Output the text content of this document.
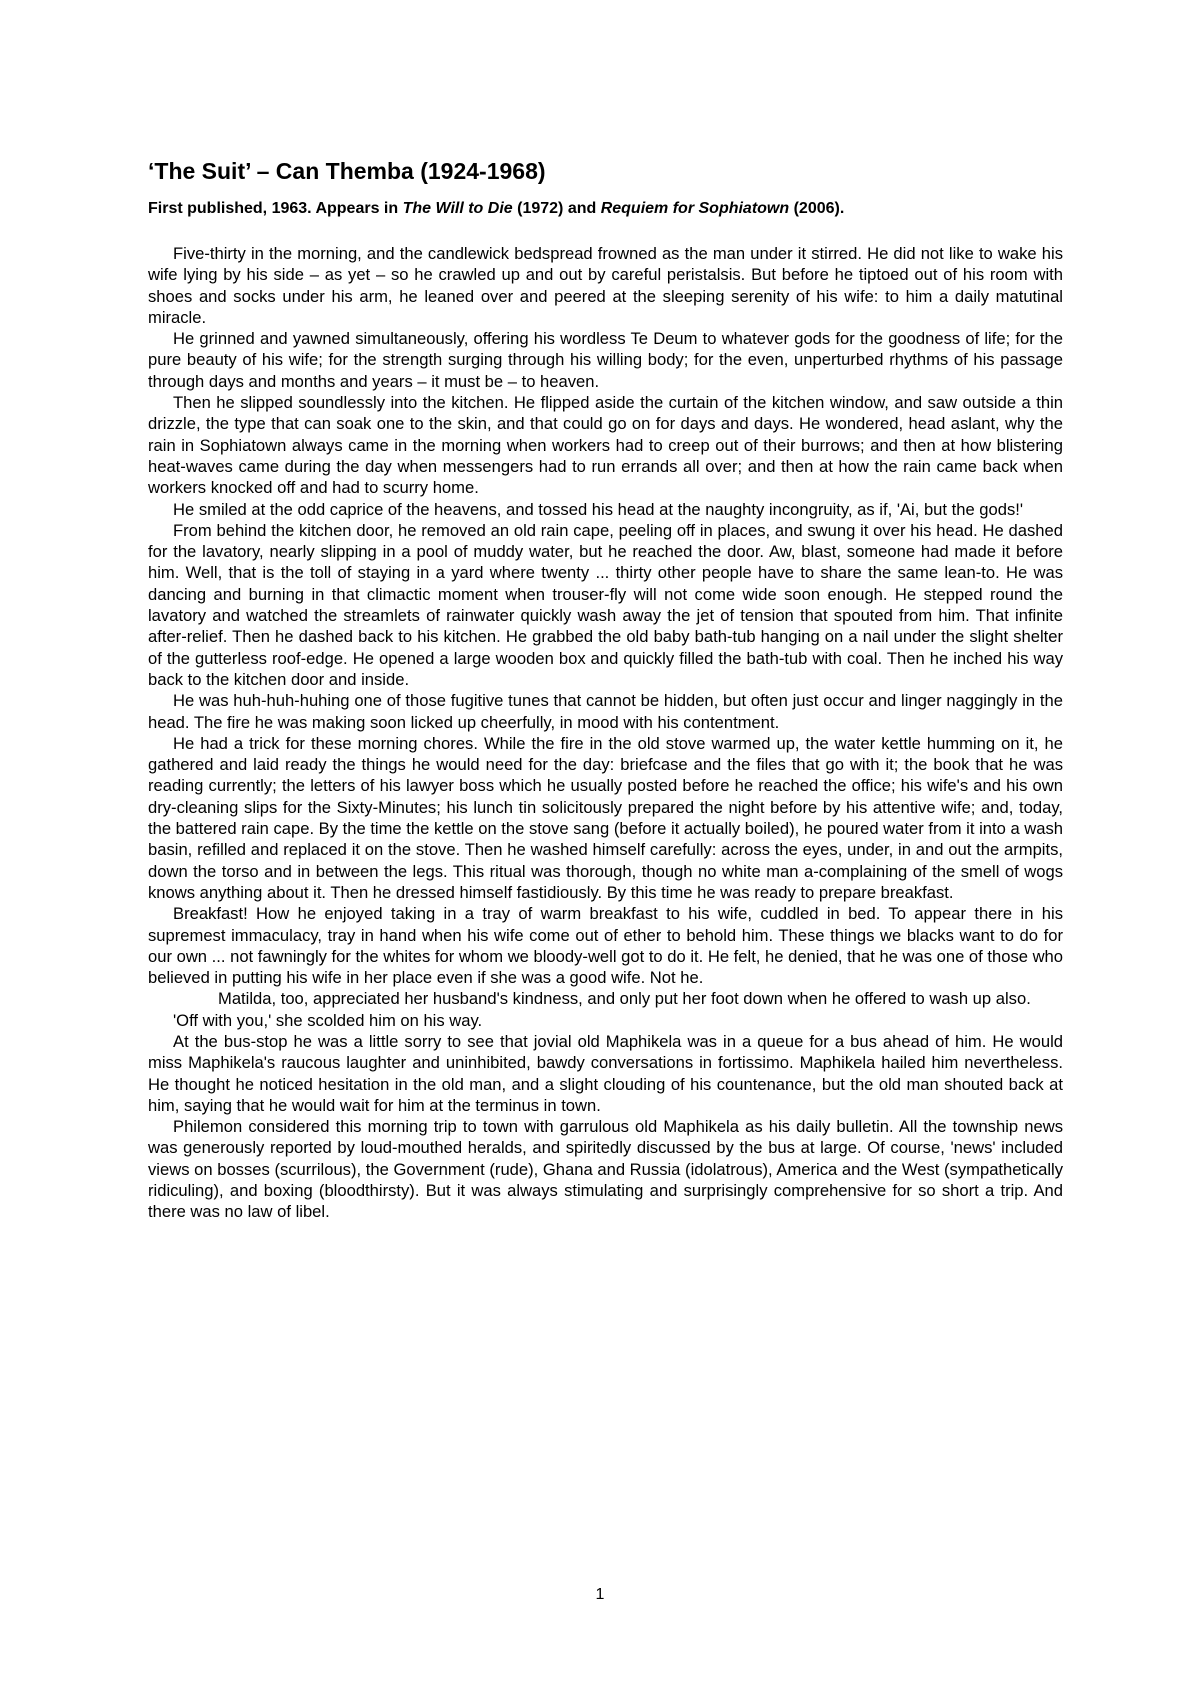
‘The Suit’ – Can Themba (1924-1968)
First published, 1963. Appears in The Will to Die (1972) and Requiem for Sophiatown (2006).

Five-thirty in the morning, and the candlewick bedspread frowned as the man under it stirred. He did not like to wake his wife lying by his side – as yet – so he crawled up and out by careful peristalsis. But before he tiptoed out of his room with shoes and socks under his arm, he leaned over and peered at the sleeping serenity of his wife: to him a daily matutinal miracle.

He grinned and yawned simultaneously, offering his wordless Te Deum to whatever gods for the goodness of life; for the pure beauty of his wife; for the strength surging through his willing body; for the even, unperturbed rhythms of his passage through days and months and years – it must be – to heaven.

Then he slipped soundlessly into the kitchen. He flipped aside the curtain of the kitchen window, and saw outside a thin drizzle, the type that can soak one to the skin, and that could go on for days and days. He wondered, head aslant, why the rain in Sophiatown always came in the morning when workers had to creep out of their burrows; and then at how blistering heat-waves came during the day when messengers had to run errands all over; and then at how the rain came back when workers knocked off and had to scurry home.

He smiled at the odd caprice of the heavens, and tossed his head at the naughty incongruity, as if, 'Ai, but the gods!'

From behind the kitchen door, he removed an old rain cape, peeling off in places, and swung it over his head. He dashed for the lavatory, nearly slipping in a pool of muddy water, but he reached the door. Aw, blast, someone had made it before him. Well, that is the toll of staying in a yard where twenty ... thirty other people have to share the same lean-to. He was dancing and burning in that climactic moment when trouser-fly will not come wide soon enough. He stepped round the lavatory and watched the streamlets of rainwater quickly wash away the jet of tension that spouted from him. That infinite after-relief. Then he dashed back to his kitchen. He grabbed the old baby bath-tub hanging on a nail under the slight shelter of the gutterless roof-edge. He opened a large wooden box and quickly filled the bath-tub with coal. Then he inched his way back to the kitchen door and inside.

He was huh-huh-huhing one of those fugitive tunes that cannot be hidden, but often just occur and linger naggingly in the head. The fire he was making soon licked up cheerfully, in mood with his contentment.

He had a trick for these morning chores. While the fire in the old stove warmed up, the water kettle humming on it, he gathered and laid ready the things he would need for the day: briefcase and the files that go with it; the book that he was reading currently; the letters of his lawyer boss which he usually posted before he reached the office; his wife's and his own dry-cleaning slips for the Sixty-Minutes; his lunch tin solicitously prepared the night before by his attentive wife; and, today, the battered rain cape. By the time the kettle on the stove sang (before it actually boiled), he poured water from it into a wash basin, refilled and replaced it on the stove. Then he washed himself carefully: across the eyes, under, in and out the armpits, down the torso and in between the legs. This ritual was thorough, though no white man a-complaining of the smell of wogs knows anything about it. Then he dressed himself fastidiously. By this time he was ready to prepare breakfast.

Breakfast! How he enjoyed taking in a tray of warm breakfast to his wife, cuddled in bed. To appear there in his supremest immaculacy, tray in hand when his wife come out of ether to behold him. These things we blacks want to do for our own ... not fawningly for the whites for whom we bloody-well got to do it. He felt, he denied, that he was one of those who believed in putting his wife in her place even if she was a good wife. Not he.

Matilda, too, appreciated her husband's kindness, and only put her foot down when he offered to wash up also.

'Off with you,' she scolded him on his way.

At the bus-stop he was a little sorry to see that jovial old Maphikela was in a queue for a bus ahead of him. He would miss Maphikela's raucous laughter and uninhibited, bawdy conversations in fortissimo. Maphikela hailed him nevertheless. He thought he noticed hesitation in the old man, and a slight clouding of his countenance, but the old man shouted back at him, saying that he would wait for him at the terminus in town.

Philemon considered this morning trip to town with garrulous old Maphikela as his daily bulletin. All the township news was generously reported by loud-mouthed heralds, and spiritedly discussed by the bus at large. Of course, 'news' included views on bosses (scurrilous), the Government (rude), Ghana and Russia (idolatrous), America and the West (sympathetically ridiculing), and boxing (bloodthirsty). But it was always stimulating and surprisingly comprehensive for so short a trip. And there was no law of libel.

1
